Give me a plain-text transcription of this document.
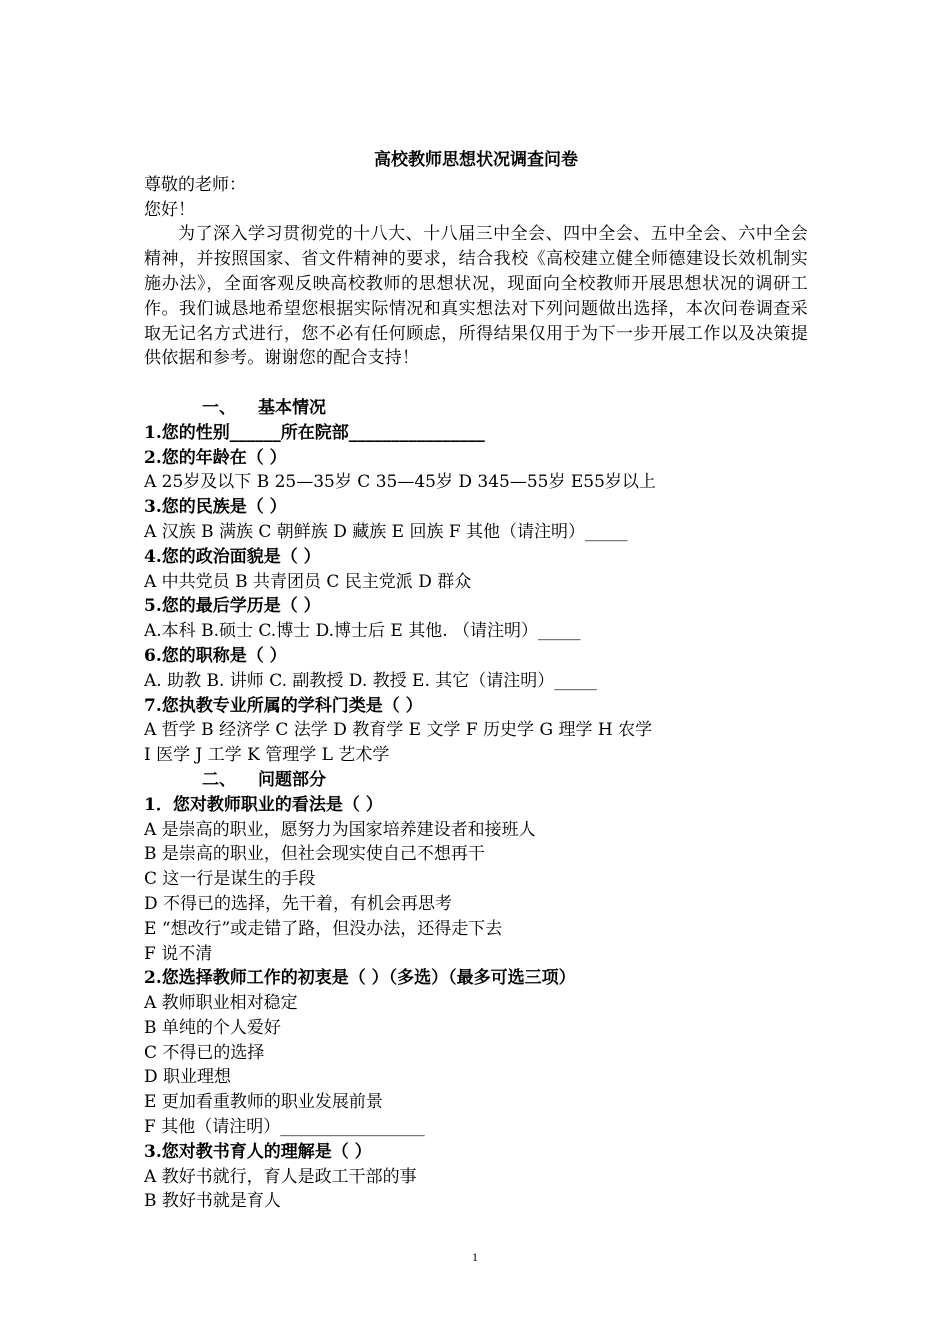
高校教师思想状况调查问卷

尊敬的老师：

您好！

为了深入学习贯彻党的十八大、十八届三中全会、四中全会、五中全会、六中全会精神，并按照国家、省文件精神的要求，结合我校《高校建立健全师德建设长效机制实施办法》，全面客观反映高校教师的思想状况，现面向全校教师开展思想状况的调研工作。我们诚恳地希望您根据实际情况和真实想法对下列问题做出选择，本次问卷调查采取无记名方式进行，您不必有任何顾虑，所得结果仅用于为下一步开展工作以及决策提供依据和参考。谢谢您的配合支持！

一、 基本情况

1.您的性别______所在院部________________

2.您的年龄在（ ）

A 25岁及以下 B 25—35岁 C 35—45岁 D 345—55岁 E55岁以上

3.您的民族是（ ）

A 汉族 B 满族 C 朝鲜族 D 藏族 E 回族 F 其他（请注明）_____

4.您的政治面貌是（ ）

A 中共党员 B 共青团员 C 民主党派 D 群众

5.您的最后学历是（ ）

A.本科 B.硕士 C.博士 D.博士后 E 其他. （请注明）_____

6.您的职称是（ ）

A. 助教 B. 讲师 C. 副教授 D. 教授 E. 其它（请注明）_____

7.您执教专业所属的学科门类是（ ）

A 哲学 B 经济学 C 法学 D 教育学 E 文学 F 历史学 G 理学 H 农学

I 医学 J 工学 K 管理学 L 艺术学

二、 问题部分

1．您对教师职业的看法是（ ）

A 是崇高的职业，愿努力为国家培养建设者和接班人

B 是崇高的职业，但社会现实使自己不想再干

C 这一行是谋生的手段

D 不得已的选择，先干着，有机会再思考

E “想改行”或走错了路，但没办法，还得走下去

F 说不清

2.您选择教师工作的初衷是（ ）（多选）（最多可选三项）

A 教师职业相对稳定

B 单纯的个人爱好

C 不得已的选择

D 职业理想

E 更加看重教师的职业发展前景

F 其他（请注明）_________________

3.您对教书育人的理解是（ ）

A 教好书就行，育人是政工干部的事

B 教好书就是育人

1
